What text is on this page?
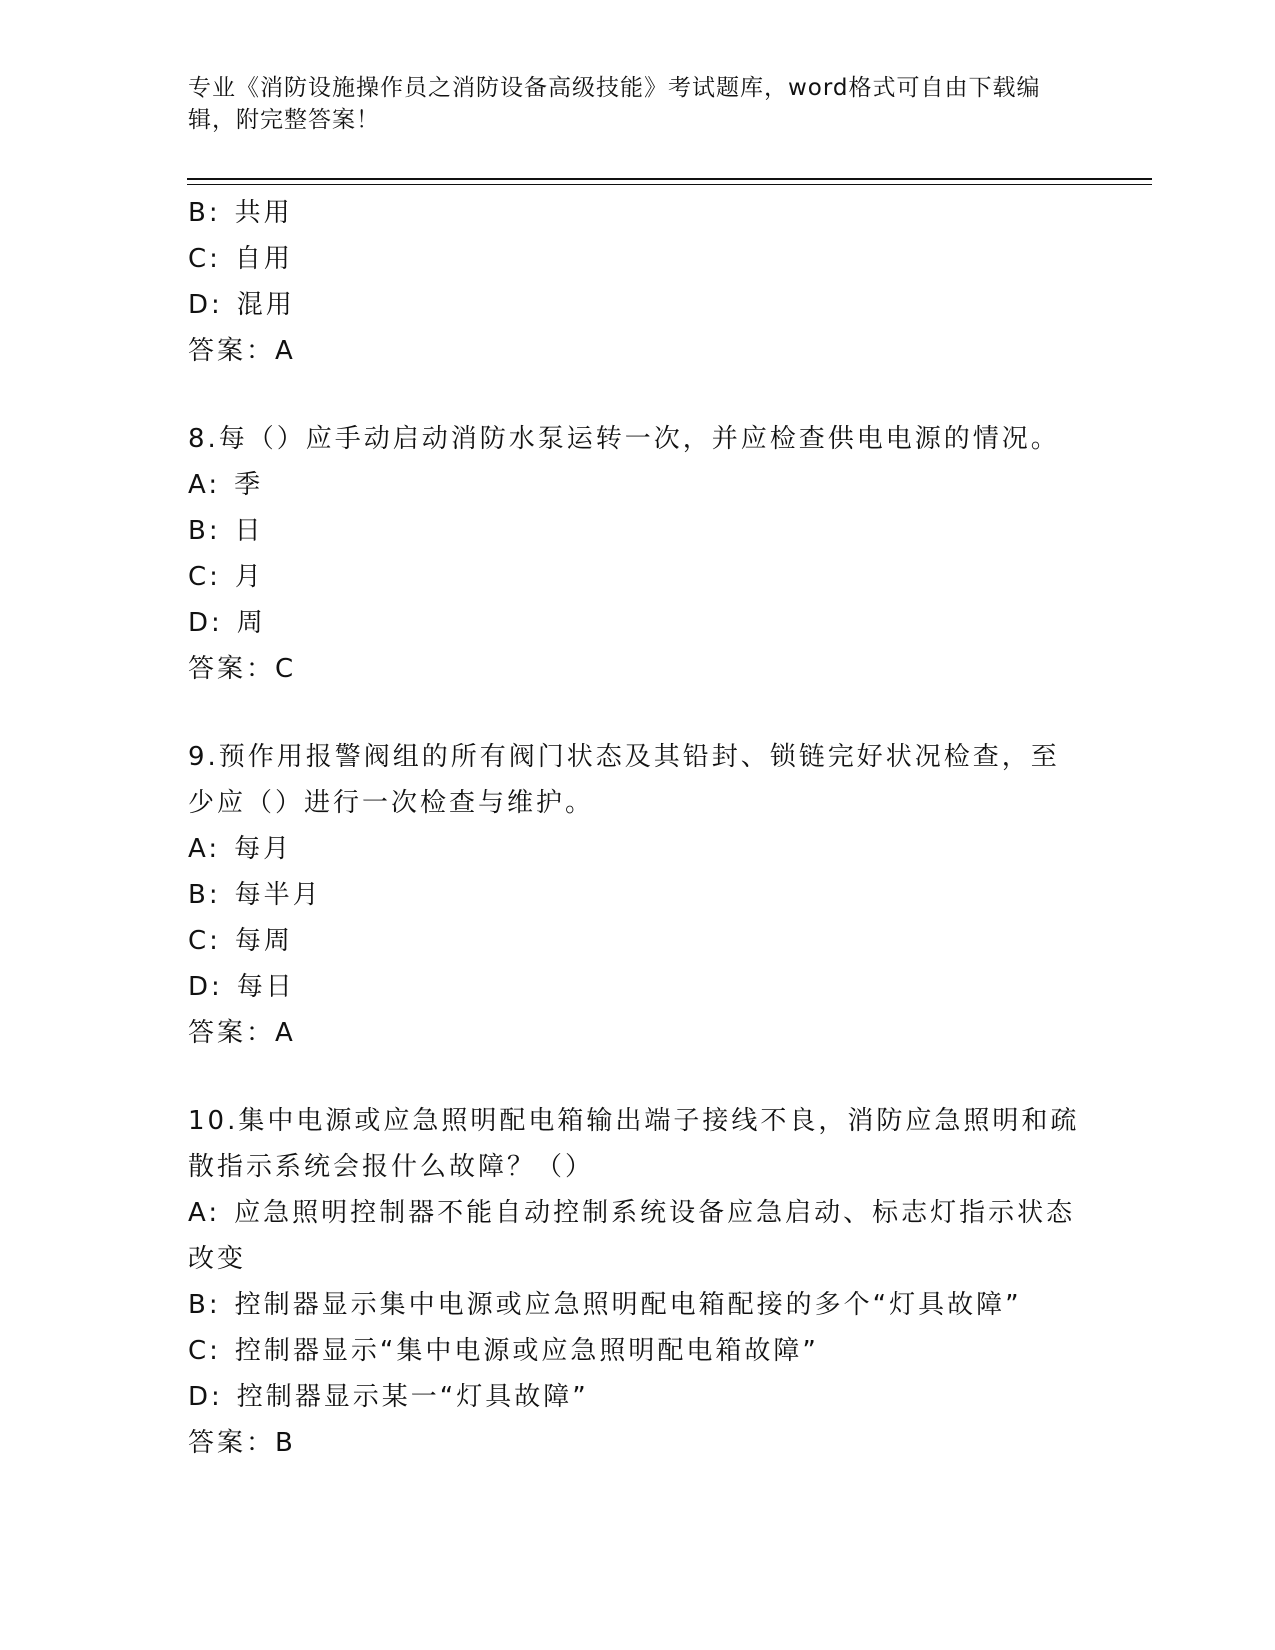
专业《消防设施操作员之消防设备高级技能》考试题库，word格式可自由下载编
辑，附完整答案！
B: 共用
C: 自用
D: 混用
答案：A
8.每（）应手动启动消防水泵运转一次，并应检查供电电源的情况。
A: 季
B: 日
C: 月
D: 周
答案：C
9.预作用报警阀组的所有阀门状态及其铅封、锁链完好状况检查，至
少应（）进行一次检查与维护。
A: 每月
B: 每半月
C: 每周
D: 每日
答案：A
10.集中电源或应急照明配电箱输出端子接线不良，消防应急照明和疏
散指示系统会报什么故障？（）
A: 应急照明控制器不能自动控制系统设备应急启动、标志灯指示状态
改变
B: 控制器显示集中电源或应急照明配电箱配接的多个“灯具故障”
C: 控制器显示“集中电源或应急照明配电箱故障”
D: 控制器显示某一“灯具故障”
答案：B
